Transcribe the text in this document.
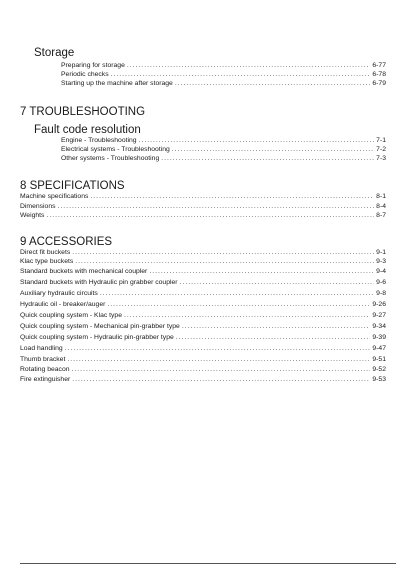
Storage
Preparing for storage .....	6-77
Periodic checks .....	6-78
Starting up the machine after storage .....	6-79
7 TROUBLESHOOTING
Fault code resolution
Engine - Troubleshooting .....	7-1
Electrical systems - Troubleshooting .....	7-2
Other systems - Troubleshooting .....	7-3
8 SPECIFICATIONS
Machine specifications .....	8-1
Dimensions .....	8-4
Weights .....	8-7
9 ACCESSORIES
Direct fit buckets .....	9-1
Klac type buckets .....	9-3
Standard buckets with mechanical coupler .....	9-4
Standard buckets with Hydraulic pin grabber coupler .....	9-6
Auxiliary hydraulic circuits .....	9-8
Hydraulic oil - breaker/auger .....	9-26
Quick coupling system - Klac type .....	9-27
Quick coupling system - Mechanical pin-grabber type .....	9-34
Quick coupling system - Hydraulic pin-grabber type .....	9-39
Load handling .....	9-47
Thumb bracket .....	9-51
Rotating beacon .....	9-52
Fire extinguisher .....	9-53
